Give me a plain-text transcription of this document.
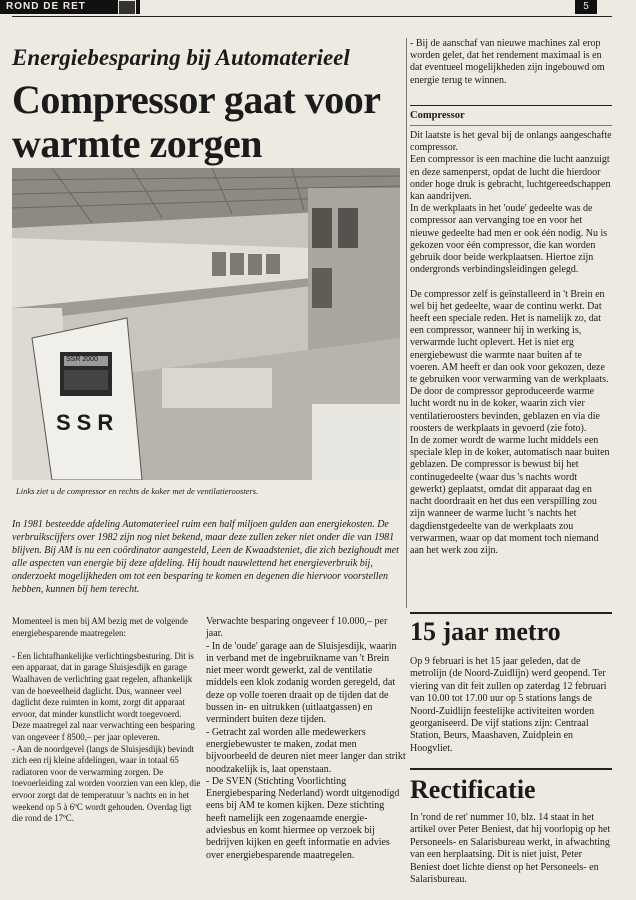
ROND DE RET	5
Energiebesparing bij Automaterieel
Compressor gaat voor warmte zorgen
SSR 2000
SSR
Links ziet u de compressor en rechts de koker met de ventilatieroosters.
In 1981 besteedde afdeling Automaterieel ruim een half miljoen gulden aan energiekosten. De verbruikscijfers over 1982 zijn nog niet bekend, maar deze zullen zeker niet onder die van 1981 blijven. Bij AM is nu een coördinator aangesteld, Leen de Kwaadsteniet, die zich bezighoudt met alle aspecten van energie bij deze afdeling. Hij houdt nauwlettend het energieverbruik bij, onderzoekt mogelijkheden om tot een besparing te komen en degenen die hiervoor voorstellen hebben, kunnen bij hem terecht.
Momenteel is men bij AM bezig met de volgende energiebesparende maatregelen:

- Een lichtafhankelijke verlichtingsbesturing. Dit is een apparaat, dat in garage Sluisjesdijk en garage Waalhaven de verlichting gaat regelen, afhankelijk van de hoeveelheid daglicht. Dus, wanneer veel daglicht deze ruimten in komt, zorgt dit apparaat ervoor, dat minder kunstlicht wordt toegevoerd.
Deze maatregel zal naar verwachting een besparing van ongeveer f 8500,– per jaar opleveren.
- Aan de noordgevel (langs de Sluisjesdijk) bevindt zich een rij kleine afdelingen, waar in totaal 65 radiatoren voor de verwarming zorgen. De toevoerleiding zal worden voorzien van een klep, die ervoor zorgt dat de temperatuur 's nachts en in het weekend op 5 à 6ºC wordt gehouden. Overdag ligt die rond de 17ºC.
Verwachte besparing ongeveer f 10.000,– per jaar.
- In de 'oude' garage aan de Sluisjesdijk, waarin in verband met de ingebruikname van 't Brein niet meer wordt gewerkt, zal de ventilatie middels een klok zodanig worden geregeld, dat deze op volle toeren draait op de tijden dat de bussen in- en uitrukken (uitlaatgassen) en vermindert buiten deze tijden.
- Getracht zal worden alle medewerkers energiebewuster te maken, zodat men bijvoorbeeld de deuren niet meer langer dan strikt noodzakelijk is, laat openstaan.
- De SVEN (Stichting Voorlichting Energiebesparing Nederland) wordt uitgenodigd eens bij AM te komen kijken. Deze stichting heeft namelijk een zogenaamde energie-adviesbus en komt hiermee op verzoek bij bedrijven kijken en geeft informatie en advies over energiebesparende maatregelen.
- Bij de aanschaf van nieuwe machines zal erop worden gelet, dat het rendement maximaal is en dat eventueel mogelijkheden zijn ingebouwd om energie terug te winnen.
Compressor
Dit laatste is het geval bij de onlangs aangeschafte compressor.
Een compressor is een machine die lucht aanzuigt en deze samenperst, opdat de lucht die hierdoor onder hoge druk is gebracht, luchtgereedschappen kan aandrijven.
In de werkplaats in het 'oude' gedeelte was de compressor aan vervanging toe en voor het nieuwe gedeelte had men er ook één nodig. Nu is gekozen voor één compressor, die kan worden gebruik door beide werkplaatsen. Hiertoe zijn ondergronds verbindingsleidingen gelegd.

De compressor zelf is geïnstalleerd in 't Brein en wel bij het gedeelte, waar de continu werkt. Dat heeft een speciale reden. Het is namelijk zo, dat een compressor, wanneer hij in werking is, verwarmde lucht oplevert. Het is niet erg energiebewust die warmte naar buiten af te voeren. AM heeft er dan ook voor gekozen, deze te gebruiken voor verwarming van de werkplaats.
De door de compressor geproduceerde warme lucht wordt nu in de koker, waarin zich vier ventilatieroosters bevinden, geblazen en via die roosters de werkplaats in gevoerd (zie foto).
In de zomer wordt de warme lucht middels een speciale klep in de koker, automatisch naar buiten geblazen. De compressor is bewust bij het continugedeelte (waar dus 's nachts wordt gewerkt) geplaatst, omdat dit apparaat dag en nacht doordraait en het dus een verspilling zou zijn wanneer de warme lucht 's nachts het dagdienstgedeelte van de werkplaats zou verwarmen, waar op dat moment toch niemand aan het werk zou zijn.
15 jaar metro
Op 9 februari is het 15 jaar geleden, dat de metrolijn (de Noord-Zuidlijn) werd geopend. Ter viering van dit feit zullen op zaterdag 12 februari van 10.00 tot 17.00 uur op 5 stations langs de Noord-Zuidlijn feestelijke activiteiten worden georganiseerd. De vijf stations zijn: Centraal Station, Beurs, Maashaven, Zuidplein en Hoogvliet.
Rectificatie
In 'rond de ret' nummer 10, blz. 14 staat in het artikel over Peter Beniest, dat hij voorlopig op het Personeels- en Salarisbureau werkt, in afwachting van een herplaatsing. Dit is niet juist, Peter Beniest doet lichte dienst op het Personeels- en Salarisbureau.
